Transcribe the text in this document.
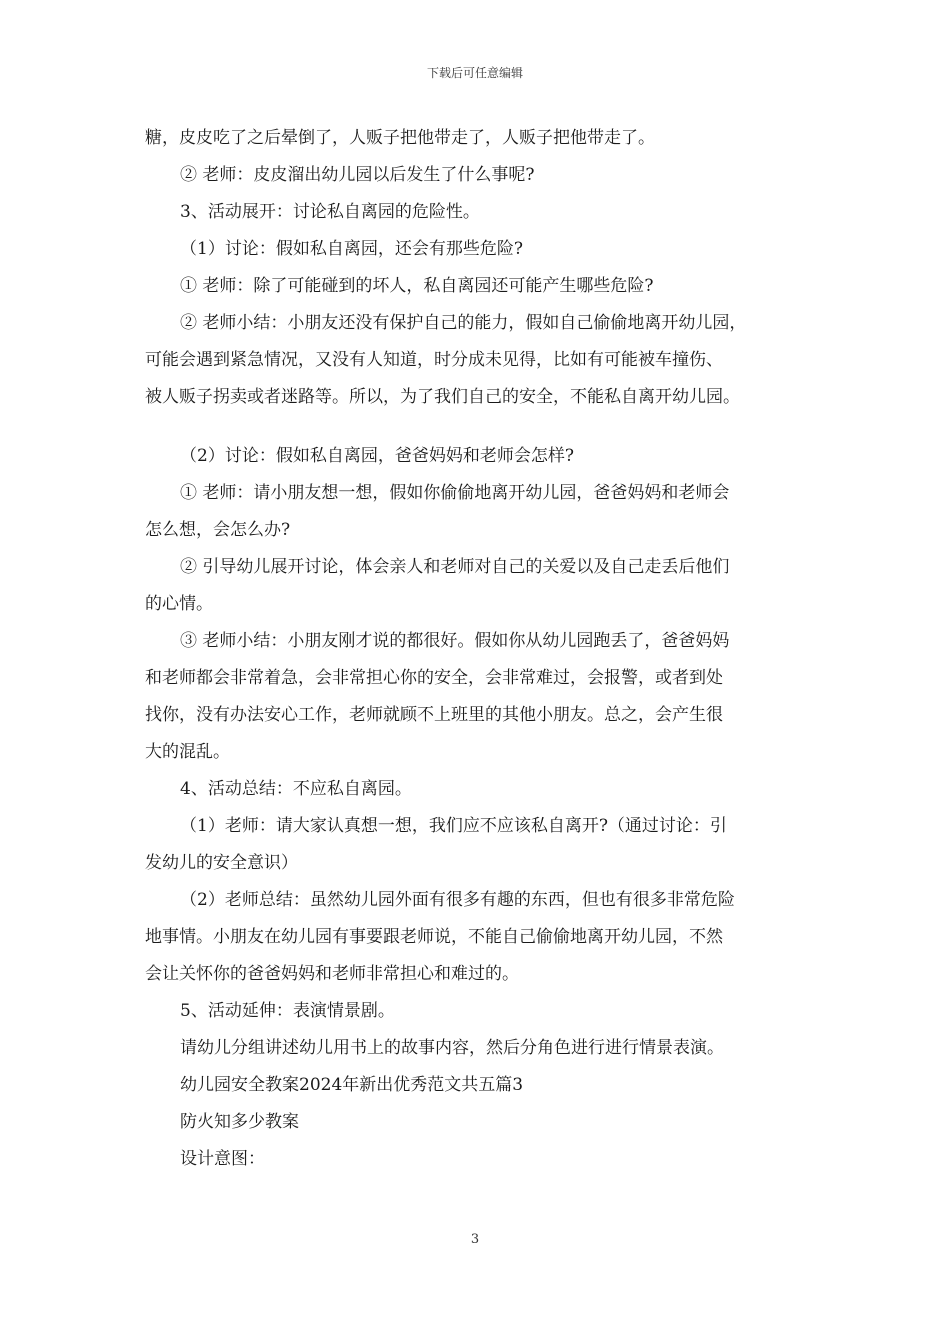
下载后可任意编辑
糖，皮皮吃了之后晕倒了，人贩子把他带走了，人贩子把他带走了。
② 老师：皮皮溜出幼儿园以后发生了什么事呢?
3、活动展开：讨论私自离园的危险性。
（1）讨论：假如私自离园，还会有那些危险?
① 老师：除了可能碰到的坏人，私自离园还可能产生哪些危险?
② 老师小结：小朋友还没有保护自己的能力，假如自己偷偷地离开幼儿园，
可能会遇到紧急情况，又没有人知道，时分成未见得，比如有可能被车撞伤、
被人贩子拐卖或者迷路等。所以，为了我们自己的安全，不能私自离开幼儿园。
（2）讨论：假如私自离园，爸爸妈妈和老师会怎样?
① 老师：请小朋友想一想，假如你偷偷地离开幼儿园，爸爸妈妈和老师会
怎么想，会怎么办?
② 引导幼儿展开讨论，体会亲人和老师对自己的关爱以及自己走丢后他们
的心情。
③ 老师小结：小朋友刚才说的都很好。假如你从幼儿园跑丢了，爸爸妈妈
和老师都会非常着急，会非常担心你的安全，会非常难过，会报警，或者到处
找你，没有办法安心工作，老师就顾不上班里的其他小朋友。总之，会产生很
大的混乱。
4、活动总结：不应私自离园。
（1）老师：请大家认真想一想，我们应不应该私自离开?（通过讨论：引
发幼儿的安全意识）
（2）老师总结：虽然幼儿园外面有很多有趣的东西，但也有很多非常危险
地事情。小朋友在幼儿园有事要跟老师说，不能自己偷偷地离开幼儿园，不然
会让关怀你的爸爸妈妈和老师非常担心和难过的。
5、活动延伸：表演情景剧。
请幼儿分组讲述幼儿用书上的故事内容，然后分角色进行进行情景表演。
幼儿园安全教案2024年新出优秀范文共五篇3
防火知多少教案
设计意图：
3
